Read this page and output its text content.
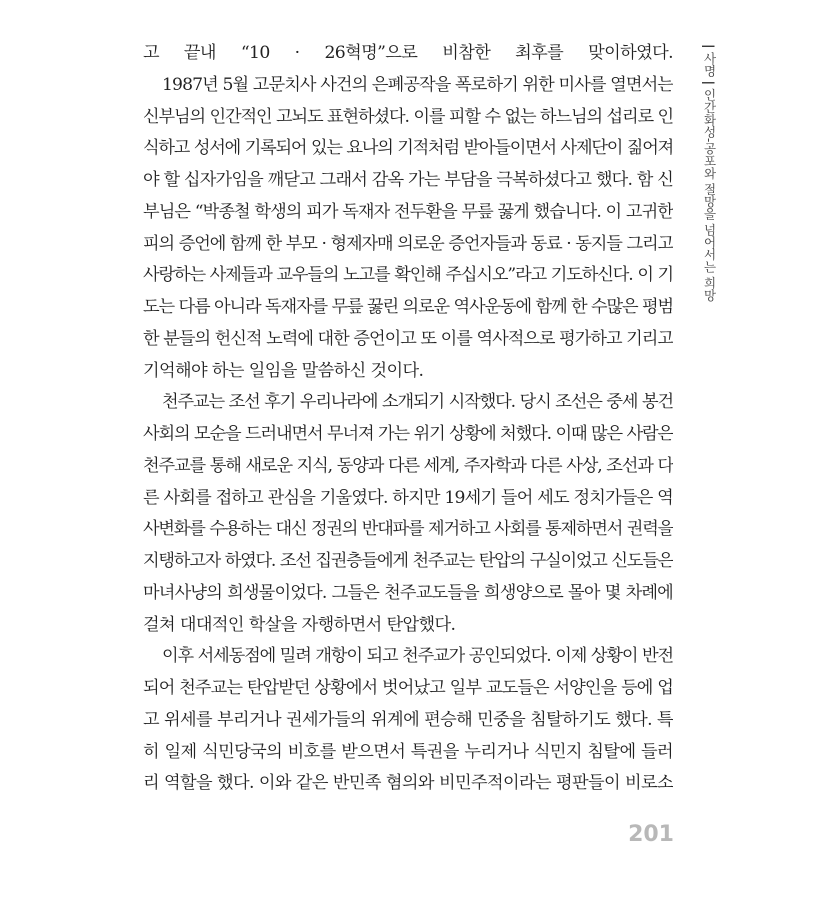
| 사명 | 인간화성-공포와 절망을 넘어서는 희망
고 끝내 “10 · 26혁명”으로 비참한 최후를 맞이하였다.
1987년 5월 고문치사 사건의 은폐공작을 폭로하기 위한 미사를 열면서는
신부님의 인간적인 고뇌도 표현하셨다. 이를 피할 수 없는 하느님의 섭리로 인
식하고 성서에 기록되어 있는 요나의 기적처럼 받아들이면서 사제단이 짊어져
야 할 십자가임을 깨닫고 그래서 감옥 가는 부담을 극복하셨다고 했다. 함 신
부님은 “박종철 학생의 피가 독재자 전두환을 무릎 꿇게 했습니다. 이 고귀한
피의 증언에 함께 한 부모 · 형제자매 의로운 증언자들과 동료 · 동지들 그리고
사랑하는 사제들과 교우들의 노고를 확인해 주십시오”라고 기도하신다. 이 기
도는 다름 아니라 독재자를 무릎 꿇린 의로운 역사운동에 함께 한 수많은 평범
한 분들의 헌신적 노력에 대한 증언이고 또 이를 역사적으로 평가하고 기리고
기억해야 하는 일임을 말씀하신 것이다.
천주교는 조선 후기 우리나라에 소개되기 시작했다. 당시 조선은 중세 봉건
사회의 모순을 드러내면서 무너져 가는 위기 상황에 처했다. 이때 많은 사람은
천주교를 통해 새로운 지식, 동양과 다른 세계, 주자학과 다른 사상, 조선과 다
른 사회를 접하고 관심을 기울였다. 하지만 19세기 들어 세도 정치가들은 역
사변화를 수용하는 대신 정권의 반대파를 제거하고 사회를 통제하면서 권력을
지탱하고자 하였다. 조선 집권층들에게 천주교는 탄압의 구실이었고 신도들은
마녀사냥의 희생물이었다. 그들은 천주교도들을 희생양으로 몰아 몇 차례에
걸쳐 대대적인 학살을 자행하면서 탄압했다.
이후 서세동점에 밀려 개항이 되고 천주교가 공인되었다. 이제 상황이 반전
되어 천주교는 탄압받던 상황에서 벗어났고 일부 교도들은 서양인을 등에 업
고 위세를 부리거나 권세가들의 위계에 편승해 민중을 침탈하기도 했다. 특
히 일제 식민당국의 비호를 받으면서 특권을 누리거나 식민지 침탈에 들러
리 역할을 했다. 이와 같은 반민족 혐의와 비민주적이라는 평판들이 비로소
201
